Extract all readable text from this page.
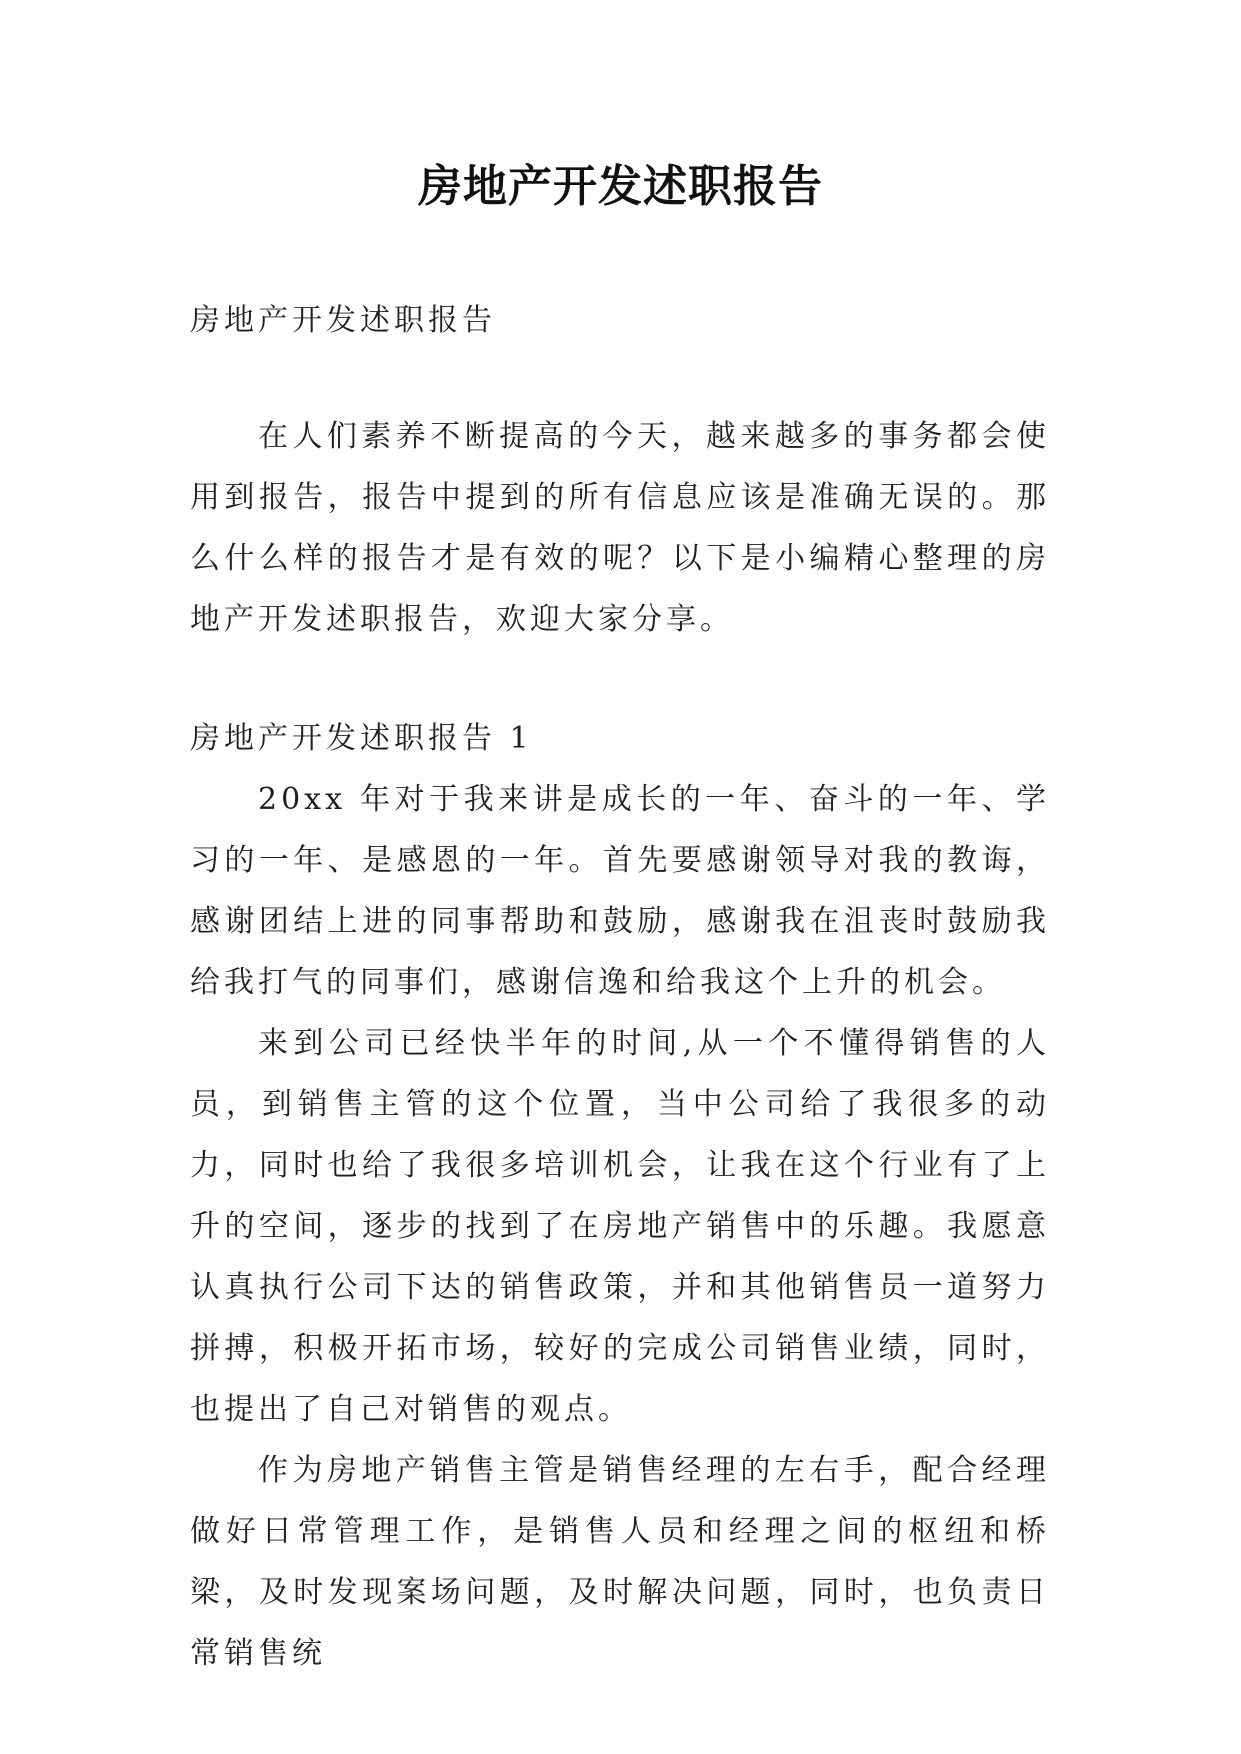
房地产开发述职报告

房地产开发述职报告

在人们素养不断提高的今天，越来越多的事务都会使用到报告，报告中提到的所有信息应该是准确无误的。那么什么样的报告才是有效的呢？以下是小编精心整理的房地产开发述职报告，欢迎大家分享。

房地产开发述职报告 1

20xx 年对于我来讲是成长的一年、奋斗的一年、学习的一年、是感恩的一年。首先要感谢领导对我的教诲，感谢团结上进的同事帮助和鼓励，感谢我在沮丧时鼓励我给我打气的同事们，感谢信逸和给我这个上升的机会。

来到公司已经快半年的时间,从一个不懂得销售的人员，到销售主管的这个位置，当中公司给了我很多的动力，同时也给了我很多培训机会，让我在这个行业有了上升的空间，逐步的找到了在房地产销售中的乐趣。我愿意认真执行公司下达的销售政策，并和其他销售员一道努力拼搏，积极开拓市场，较好的完成公司销售业绩，同时，也提出了自己对销售的观点。

作为房地产销售主管是销售经理的左右手，配合经理做好日常管理工作，是销售人员和经理之间的枢纽和桥梁，及时发现案场问题，及时解决问题，同时，也负责日常销售统
